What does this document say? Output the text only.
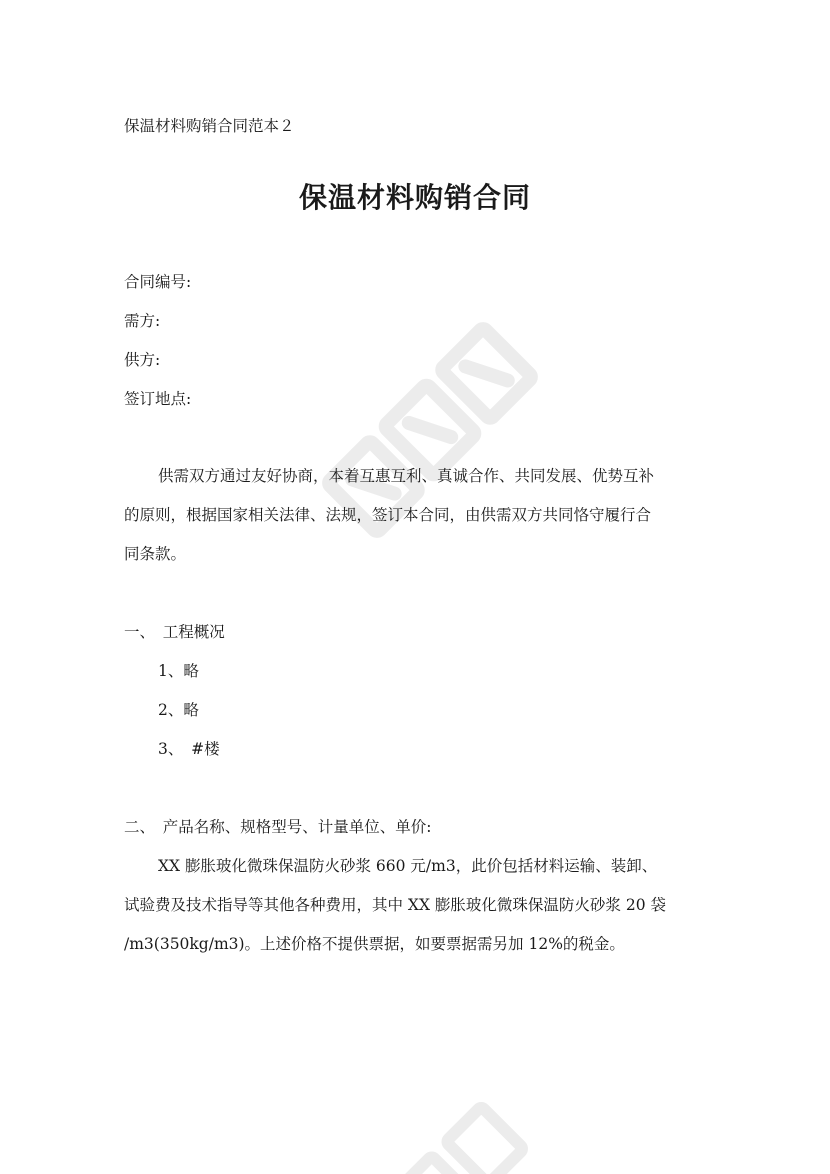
保温材料购销合同范本２
保温材料购销合同
合同编号:
需方:
供方:
签订地点:
供需双方通过友好协商，本着互惠互利、真诚合作、共同发展、优势互补
的原则，根据国家相关法律、法规，签订本合同，由供需双方共同恪守履行合
同条款。
一、　工程概况
1、略
2、略
3、　#楼
二、　产品名称、规格型号、计量单位、单价:
XX 膨胀玻化微珠保温防火砂浆 660 元/m3，此价包括材料运输、装卸、
试验费及技术指导等其他各种费用，其中 XX 膨胀玻化微珠保温防火砂浆 20 袋
/m3(350kg/m3)。上述价格不提供票据，如要票据需另加 12%的税金。
